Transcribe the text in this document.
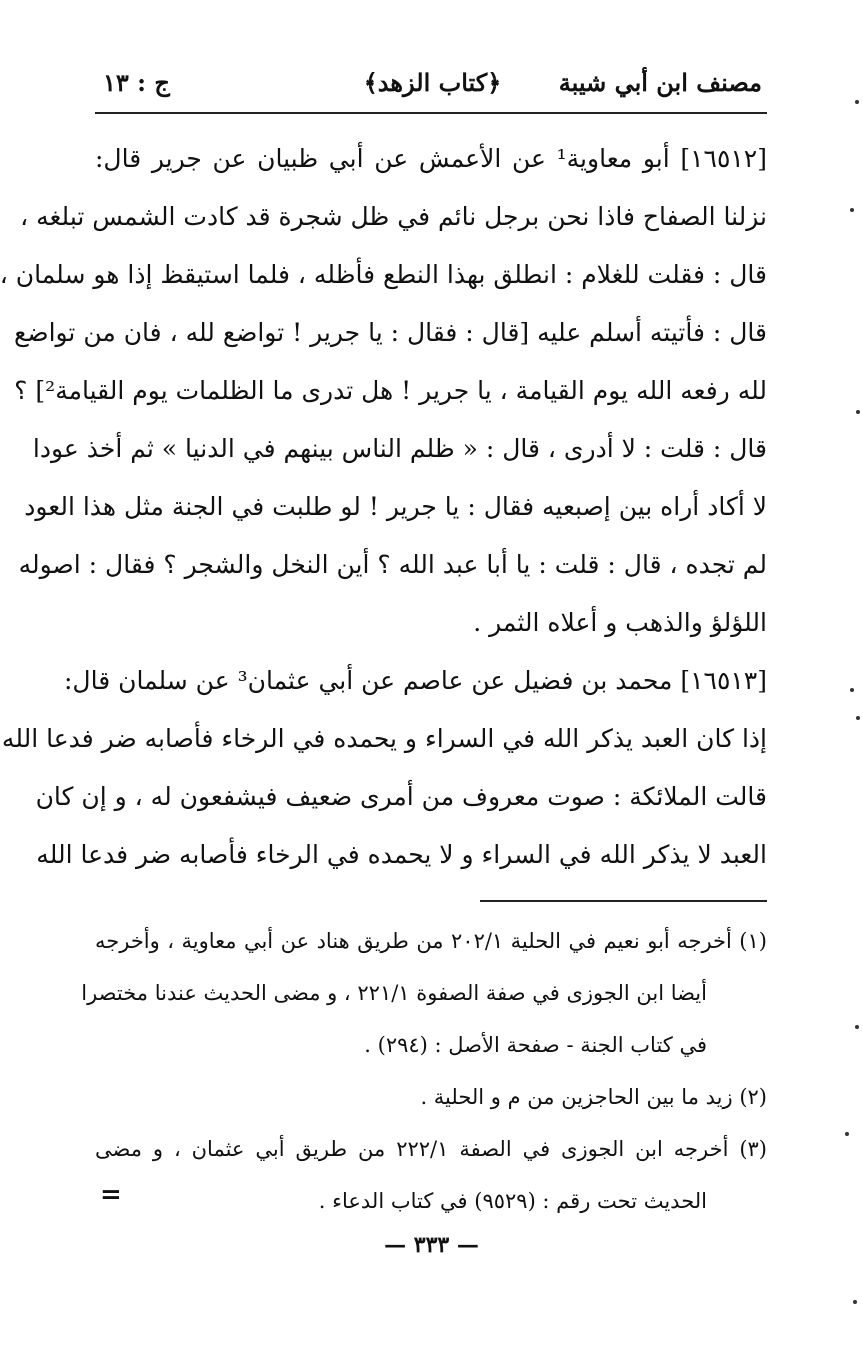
مصنف ابن أبي شيبة
﴿كتاب الزهد﴾
ج : ١٣
[١٦٥١٢] أبو معاوية¹ عن الأعمش عن أبي ظبيان عن جرير قال:
نزلنا الصفاح فاذا نحن برجل نائم في ظل شجرة قد كادت الشمس تبلغه ،
قال : فقلت للغلام : انطلق بهذا النطع فأظله ، فلما استيقظ إذا هو سلمان ،
قال : فأتيته أسلم عليه [قال : فقال : يا جرير ! تواضع لله ، فان من تواضع
لله رفعه الله يوم القيامة ، يا جرير ! هل تدرى ما الظلمات يوم القيامة²] ؟
قال : قلت : لا أدرى ، قال : « ظلم الناس بينهم في الدنيا » ثم أخذ عودا
لا أكاد أراه بين إصبعيه فقال : يا جرير ! لو طلبت في الجنة مثل هذا العود
لم تجده ، قال : قلت : يا أبا عبد الله ؟ أين النخل والشجر ؟ فقال : اصوله
اللؤلؤ والذهب و أعلاه الثمر .
[١٦٥١٣] محمد بن فضيل عن عاصم عن أبي عثمان³ عن سلمان قال:
إذا كان العبد يذكر الله في السراء و يحمده في الرخاء فأصابه ضر فدعا الله
قالت الملائكة : صوت معروف من أمرى ضعيف فيشفعون له ، و إن كان
العبد لا يذكر الله في السراء و لا يحمده في الرخاء فأصابه ضر فدعا الله
(١) أخرجه أبو نعيم في الحلية ٢٠٢/١ من طريق هناد عن أبي معاوية ، وأخرجه
أيضا ابن الجوزى في صفة الصفوة ٢٢١/١ ، و مضى الحديث عندنا مختصرا
في كتاب الجنة - صفحة الأصل : (٢٩٤) .
(٢) زيد ما بين الحاجزين من م و الحلية .
(٣) أخرجه ابن الجوزى في الصفة ٢٢٢/١ من طريق أبي عثمان ، و مضى
الحديث تحت رقم : (٩٥٢٩) في كتاب الدعاء .
=
— ٣٣٣ —
